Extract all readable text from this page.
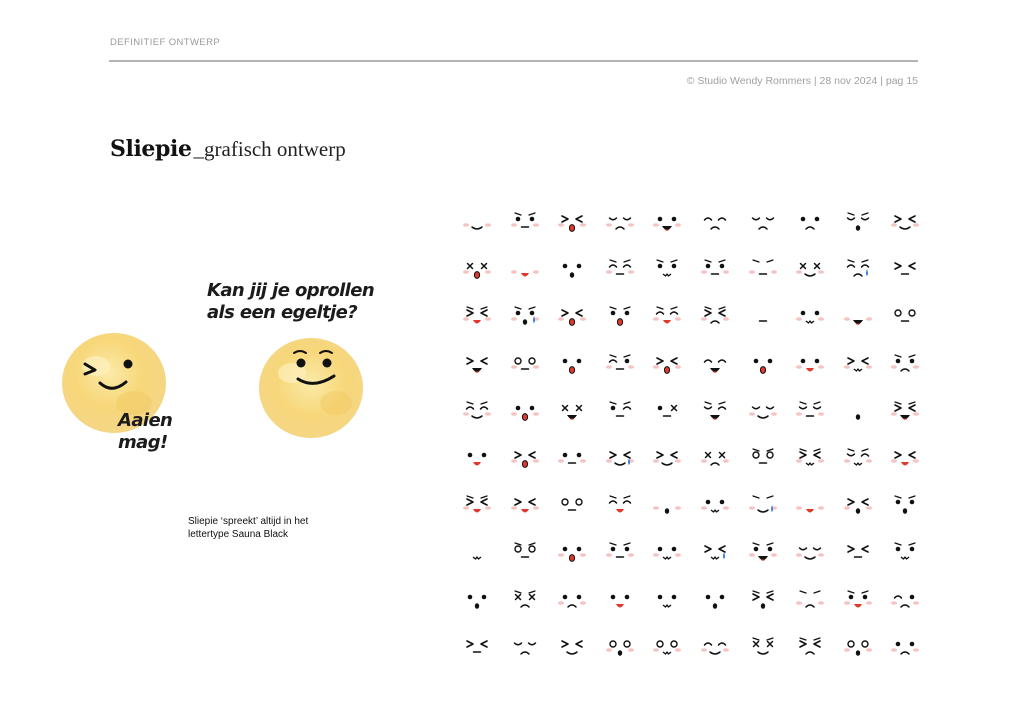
DEFINITIEF ONTWERP
© Studio Wendy Rommers | 28 nov 2024 | pag 15
Sliepie_grafisch ontwerp
Aaien
mag!
Kan jij je oprollen
als een egeltje?
Sliepie ‘spreekt’ altijd in het
lettertype Sauna Black
